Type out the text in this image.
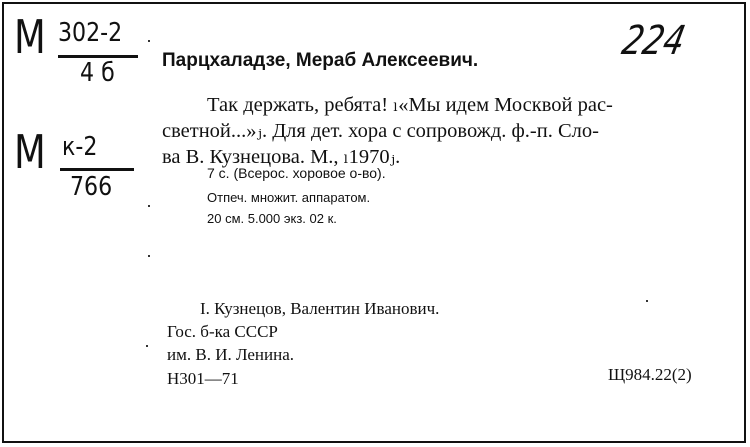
М 302-2
4 б
М к-2
766
224
Парцхаладзе, Мераб Алексеевич.
Так держать, ребята! ₗ«Мы идем Москвой рас-
светной...»ⱼ. Для дет. хора с сопровожд. ф.-п. Сло-
ва В. Кузнецова. М., ₗ1970ⱼ.
7 с. (Всерос. хоровое о-во).
Отпеч. множит. аппаратом.
20 см. 5.000 экз. 02 к.
I. Кузнецов, Валентин Иванович.
Гос. б-ка СССР
им. В. И. Ленина.
Н301—71	Щ984.22(2)
